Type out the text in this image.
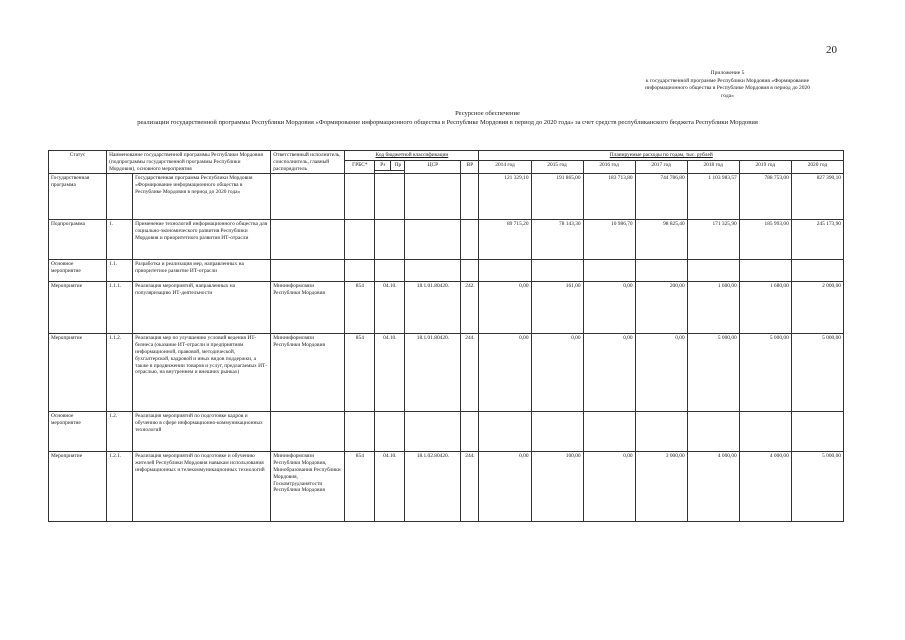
20
Приложение 5
к государственной программе Республики Мордовия «Формирование
информационного общества в Республике Мордовия в период до 2020
года»
Ресурсное обеспечение
реализации государственной программы Республики Мордовия «Формирование информационного общества в Республике Мордовия в период до 2020 года» за счет средств республиканского бюджета Республики Мордовия
Статус	Наименование государственной программы Республики Мордовия (подпрограммы государственной программы Республики Мордовия), основного мероприятия		Ответственный исполнитель, соисполнитель, главный распорядитель	Код бюджетной классификации					Планируемые расходы по годам, тыс. рублей						
				ГРБС*	Рз	Пр	ЦСР	ВР	2014 год	2015 год	2016 год	2017 год	2018 год	2019 год	2020 год

Государственная программа		Государственная программа Республики Мордовия «Формирование информационного общества в Республике Мордовия в период до 2020 года»							121 329,10	191 865,00	183 713,80	744 786,80	1 103 983,57	788 753,00	827 390,10
Подпрограмма	1.	Применение технологий информационного общества для социально-экономического развития Республики Мордовия и приоритетного развития ИТ-отрасли							89 715,20	78 143,30	10 986,70	98 825,40	171 325,90	185 993,00	245 173,90
Основное мероприятие	1.1.	Разработка и реализация мер, направленных на приоритетное развитие ИТ-отрасли													
Мероприятие	1.1.1.	Реализация мероприятий, направленных на популяризацию ИТ-деятельности	Мининформсвязи Республики Мордовия	854	04.10.		18.1.01.80420.	242.	0,00	161,00	0,00	200,00	1 600,00	1 680,00	2 000,00
Мероприятие	1.1.2.	Реализация мер по улучшению условий ведения ИТ-бизнеса (оказание ИТ-отрасли и предприятиям информационной, правовой, методической, бухгалтерской, кадровой и иных видов поддержки, а также в продвижении товаров и услуг, предлагаемых ИТ-отраслью, на внутреннем и внешних рынках)	Мининформсвязи Республики Мордовия	854	04.10.		18.1.01.80420.	244.	0,00	0,00	0,00	0,00	5 000,00	5 000,00	5 000,00
Основное мероприятие	1.2.	Реализация мероприятий по подготовке кадров и обучению в сфере информационно-коммуникационных технологий													
Мероприятие	1.2.1.	Реализация мероприятий по подготовке и обучению жителей Республики Мордовия навыкам использования информационных и телекоммуникационных технологий	Мининформсвязи Республики Мордовия, Минобразования Республики Мордовия, Госкомтрудзанятости Республики Мордовия	854	04.10.		18.1.02.80420.	244.	0,00	100,00	0,00	3 000,00	4 000,00	4 000,00	5 000,00
